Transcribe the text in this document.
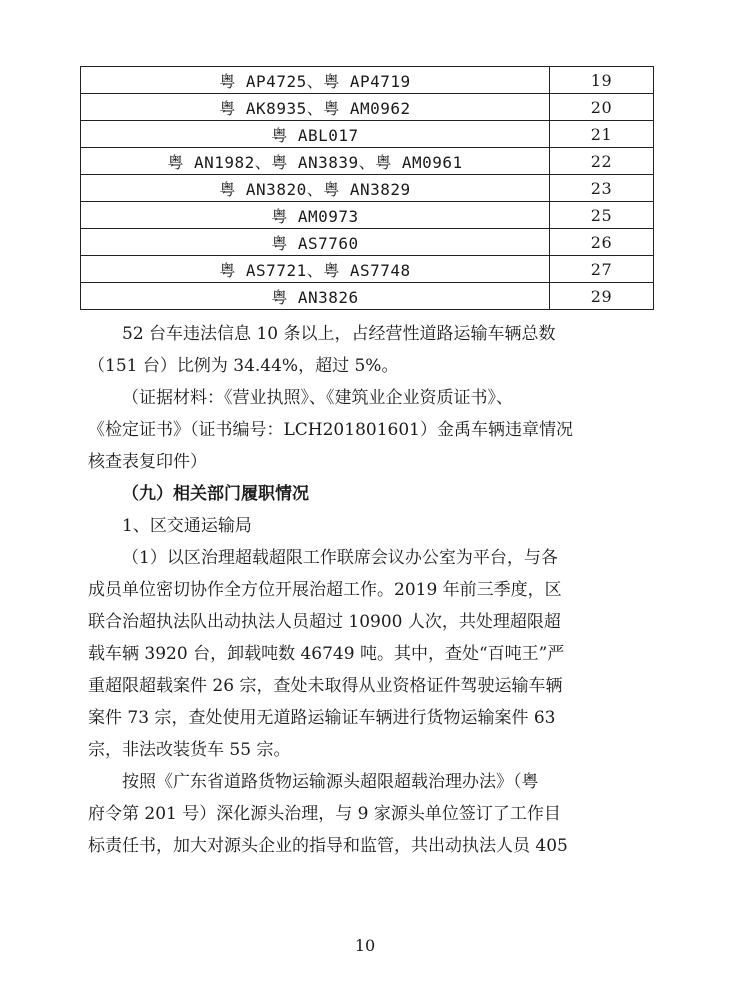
粤 AP4725、粤 AP4719	19
粤 AK8935、粤 AM0962	20
粤 ABL017	21
粤 AN1982、粤 AN3839、粤 AM0961	22
粤 AN3820、粤 AN3829	23
粤 AM0973	25
粤 AS7760	26
粤 AS7721、粤 AS7748	27
粤 AN3826	29

52 台车违法信息 10 条以上，占经营性道路运输车辆总数

（151 台）比例为 34.44%，超过 5%。

（证据材料：《营业执照》、《建筑业企业资质证书》、

《检定证书》（证书编号：LCH201801601）金禹车辆违章情况

核查表复印件）

（九）相关部门履职情况

1、区交通运输局

（1）以区治理超载超限工作联席会议办公室为平台，与各

成员单位密切协作全方位开展治超工作。2019 年前三季度，区

联合治超执法队出动执法人员超过 10900 人次，共处理超限超

载车辆 3920 台，卸载吨数 46749 吨。其中，查处“百吨王”严

重超限超载案件 26 宗，查处未取得从业资格证件驾驶运输车辆

案件 73 宗，查处使用无道路运输证车辆进行货物运输案件 63

宗，非法改装货车 55 宗。

按照《广东省道路货物运输源头超限超载治理办法》（粤

府令第 201 号）深化源头治理，与 9 家源头单位签订了工作目

标责任书，加大对源头企业的指导和监管，共出动执法人员 405

10
